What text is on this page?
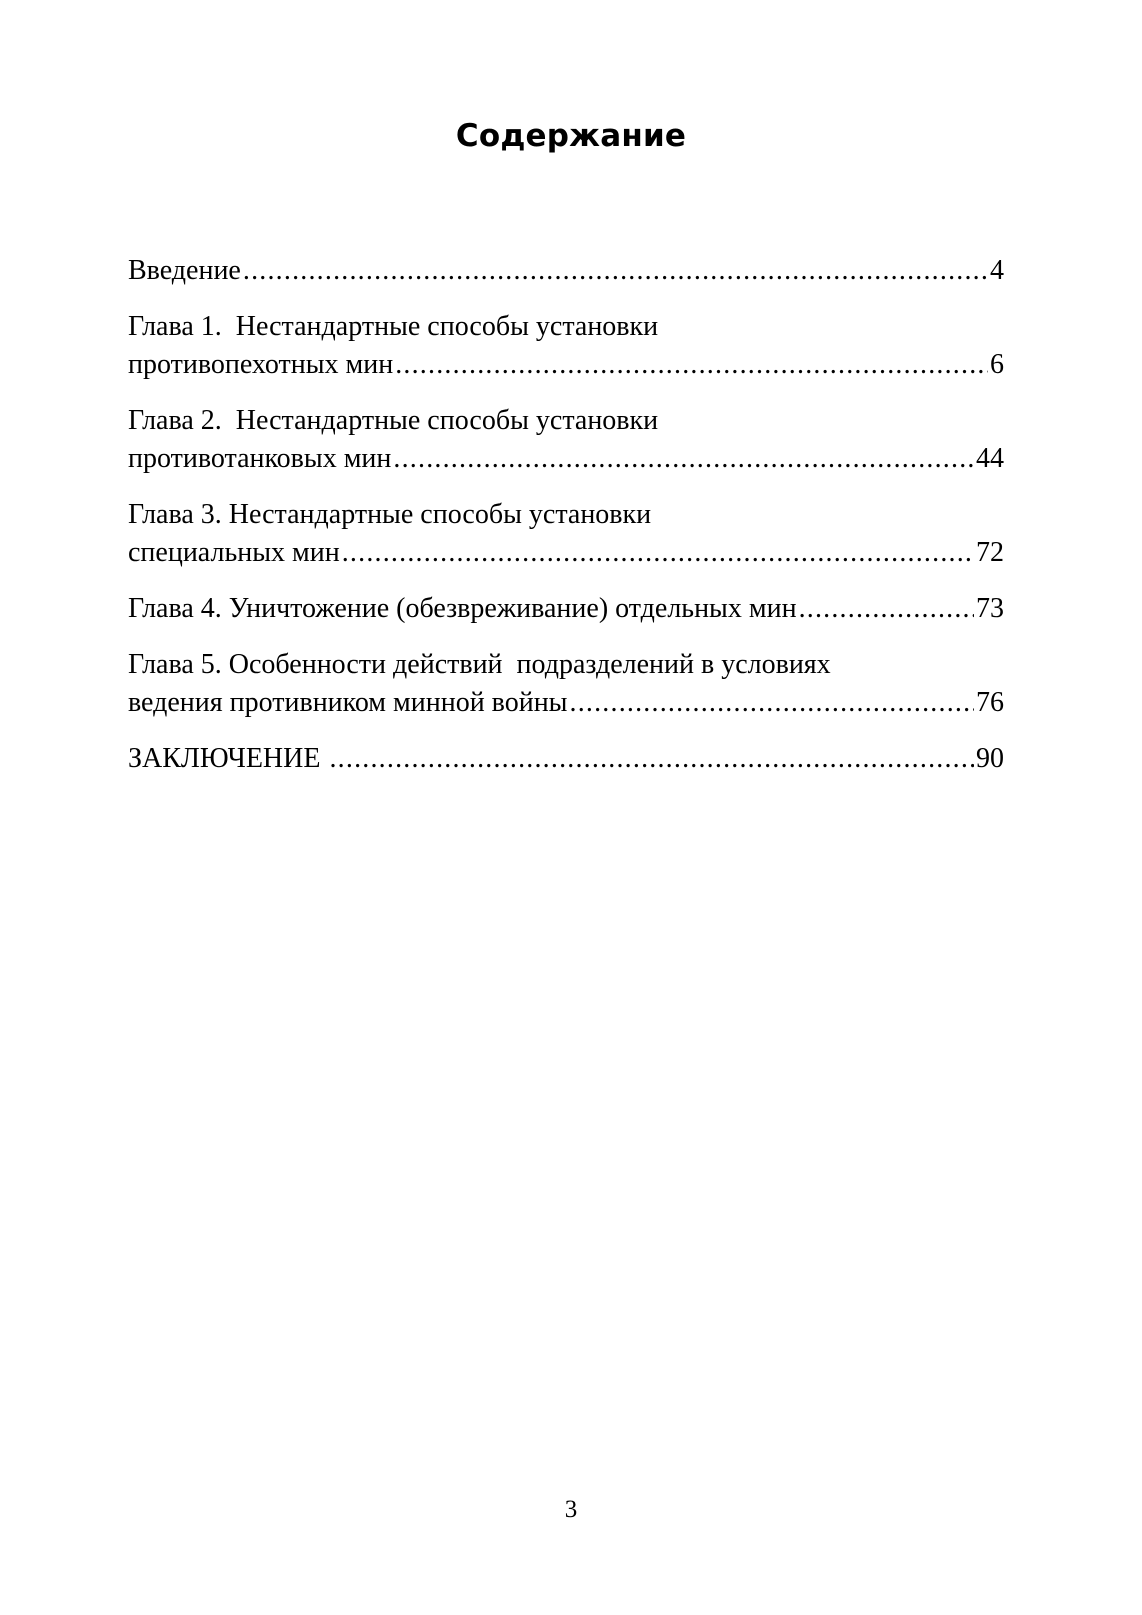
Содержание
Введение .....	4
Глава 1.  Нестандартные способы установки
противопехотных мин .....	6
Глава 2.  Нестандартные способы установки
противотанковых мин .....	44
Глава 3. Нестандартные способы установки
специальных мин .....	72
Глава 4. Уничтожение (обезвреживание) отдельных мин .....	73
Глава 5. Особенности действий  подразделений в условиях
ведения противником минной войны .....	76
ЗАКЛЮЧЕНИЕ .....	90
3
